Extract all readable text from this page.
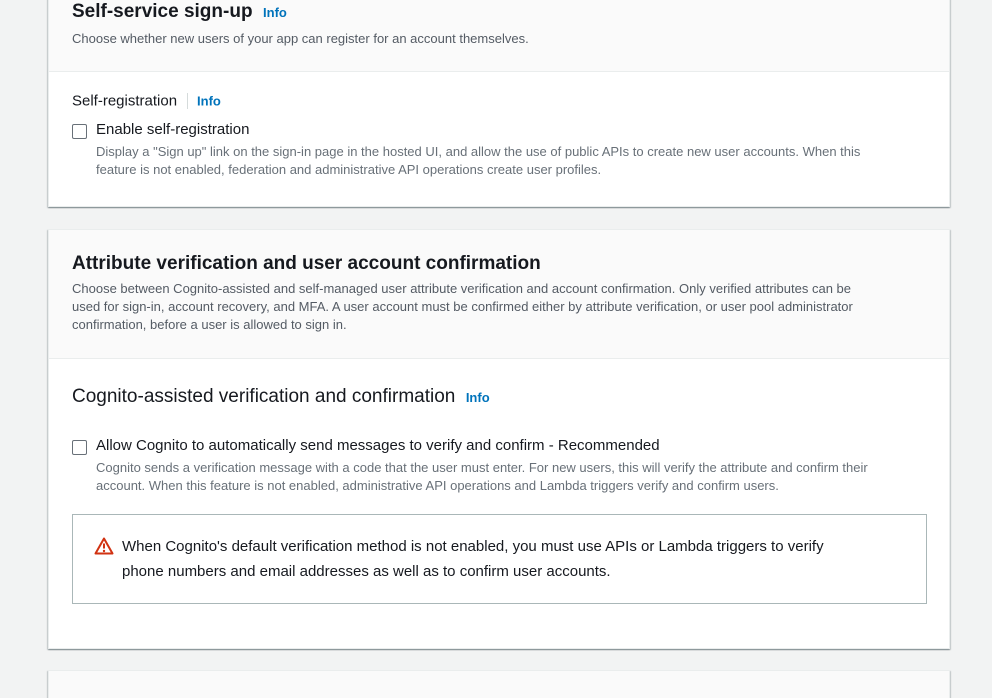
Self-service sign-up Info
Choose whether new users of your app can register for an account themselves.
Self-registration Info
Enable self-registration
Display a "Sign up" link on the sign-in page in the hosted UI, and allow the use of public APIs to create new user accounts. When this
feature is not enabled, federation and administrative API operations create user profiles.
Attribute verification and user account confirmation
Choose between Cognito-assisted and self-managed user attribute verification and account confirmation. Only verified attributes can be
used for sign-in, account recovery, and MFA. A user account must be confirmed either by attribute verification, or user pool administrator
confirmation, before a user is allowed to sign in.
Cognito-assisted verification and confirmation Info
Allow Cognito to automatically send messages to verify and confirm - Recommended
Cognito sends a verification message with a code that the user must enter. For new users, this will verify the attribute and confirm their
account. When this feature is not enabled, administrative API operations and Lambda triggers verify and confirm users.
When Cognito's default verification method is not enabled, you must use APIs or Lambda triggers to verify
phone numbers and email addresses as well as to confirm user accounts.
